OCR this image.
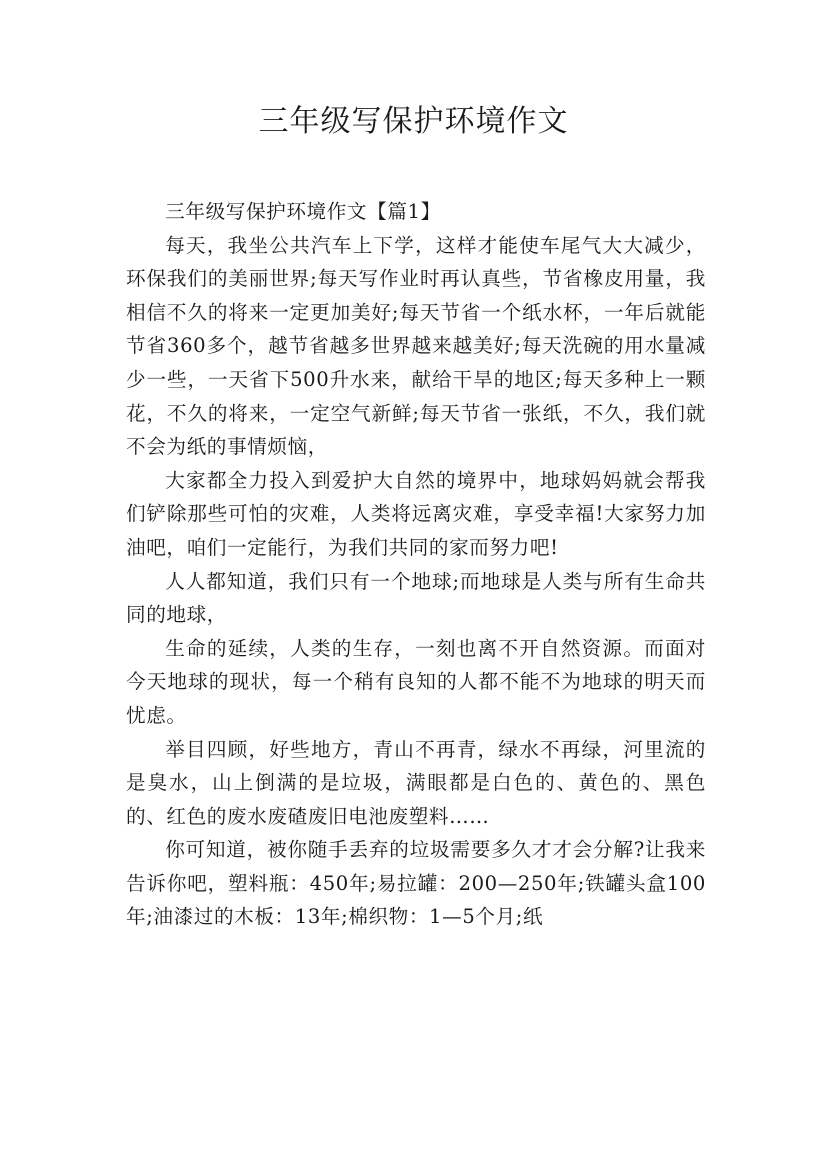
三年级写保护环境作文

三年级写保护环境作文【篇1】

每天，我坐公共汽车上下学，这样才能使车尾气大大减少，环保我们的美丽世界;每天写作业时再认真些，节省橡皮用量，我相信不久的将来一定更加美好;每天节省一个纸水杯，一年后就能节省360多个，越节省越多世界越来越美好;每天洗碗的用水量减少一些，一天省下500升水来，献给干旱的地区;每天多种上一颗花，不久的将来，一定空气新鲜;每天节省一张纸，不久，我们就不会为纸的事情烦恼，

大家都全力投入到爱护大自然的境界中，地球妈妈就会帮我们铲除那些可怕的灾难，人类将远离灾难，享受幸福!大家努力加油吧，咱们一定能行，为我们共同的家而努力吧!

人人都知道，我们只有一个地球;而地球是人类与所有生命共同的地球，

生命的延续，人类的生存，一刻也离不开自然资源。而面对今天地球的现状，每一个稍有良知的人都不能不为地球的明天而忧虑。

举目四顾，好些地方，青山不再青，绿水不再绿，河里流的是臭水，山上倒满的是垃圾，满眼都是白色的、黄色的、黑色的、红色的废水废碴废旧电池废塑料……

你可知道，被你随手丢弃的垃圾需要多久才才会分解?让我来告诉你吧，塑料瓶：450年;易拉罐：200—250年;铁罐头盒100年;油漆过的木板：13年;棉织物：1—5个月;纸
